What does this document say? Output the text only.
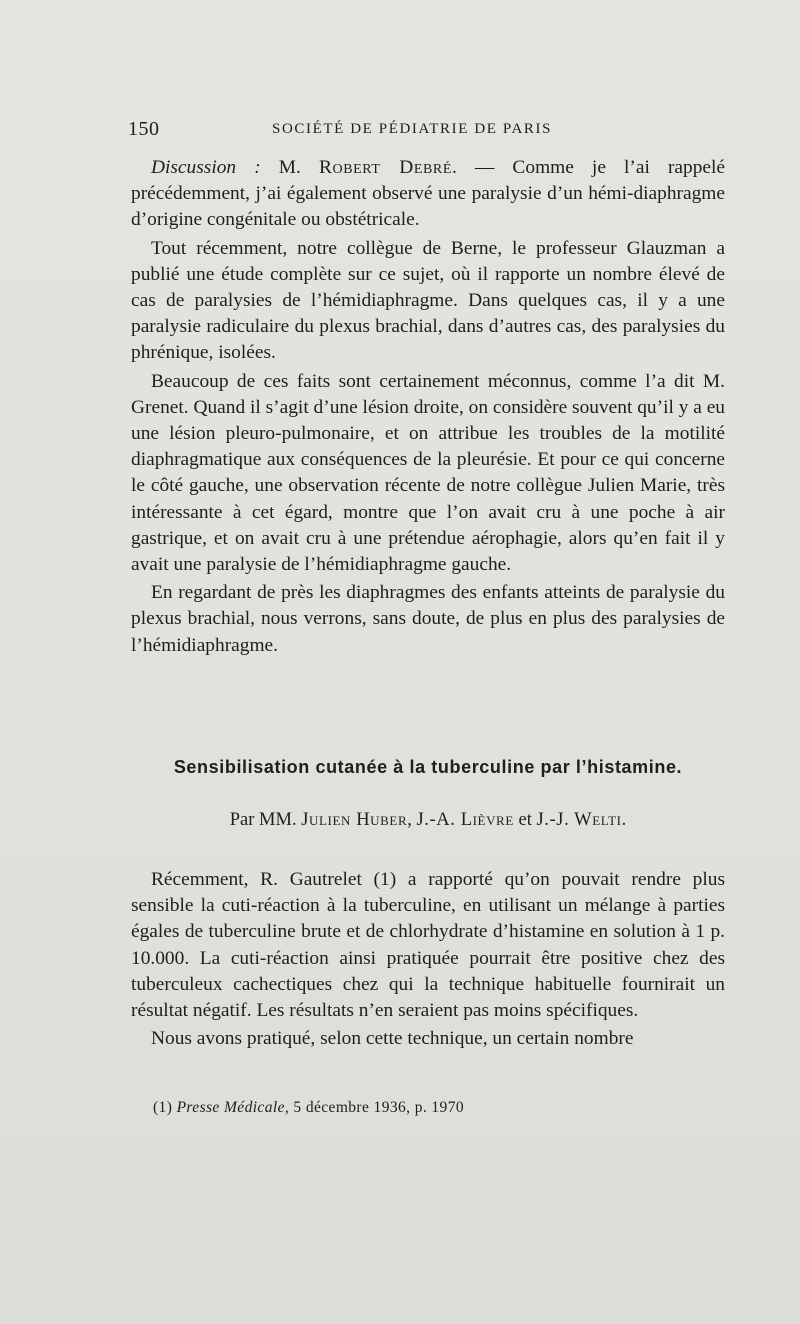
150	SOCIÉTÉ DE PÉDIATRIE DE PARIS

Discussion : M. Robert Debré. — Comme je l’ai rappelé précédemment, j’ai également observé une paralysie d’un hémi-diaphragme d’origine congénitale ou obstétricale.

Tout récemment, notre collègue de Berne, le professeur Glauzman a publié une étude complète sur ce sujet, où il rapporte un nombre élevé de cas de paralysies de l’hémidiaphragme. Dans quelques cas, il y a une paralysie radiculaire du plexus brachial, dans d’autres cas, des paralysies du phrénique, isolées.

Beaucoup de ces faits sont certainement méconnus, comme l’a dit M. Grenet. Quand il s’agit d’une lésion droite, on considère souvent qu’il y a eu une lésion pleuro-pulmonaire, et on attribue les troubles de la motilité diaphragmatique aux conséquences de la pleurésie. Et pour ce qui concerne le côté gauche, une observation récente de notre collègue Julien Marie, très intéressante à cet égard, montre que l’on avait cru à une poche à air gastrique, et on avait cru à une prétendue aérophagie, alors qu’en fait il y avait une paralysie de l’hémidiaphragme gauche.

En regardant de près les diaphragmes des enfants atteints de paralysie du plexus brachial, nous verrons, sans doute, de plus en plus des paralysies de l’hémidiaphragme.

Sensibilisation cutanée à la tuberculine par l’histamine.
Par MM. Julien Huber, J.-A. Lièvre et J.-J. Welti.

Récemment, R. Gautrelet (1) a rapporté qu’on pouvait rendre plus sensible la cuti-réaction à la tuberculine, en utilisant un mélange à parties égales de tuberculine brute et de chlorhydrate d’histamine en solution à 1 p. 10.000. La cuti-réaction ainsi pratiquée pourrait être positive chez des tuberculeux cachectiques chez qui la technique habituelle fournirait un résultat négatif. Les résultats n’en seraient pas moins spécifiques.

Nous avons pratiqué, selon cette technique, un certain nombre

(1) Presse Médicale, 5 décembre 1936, p. 1970
